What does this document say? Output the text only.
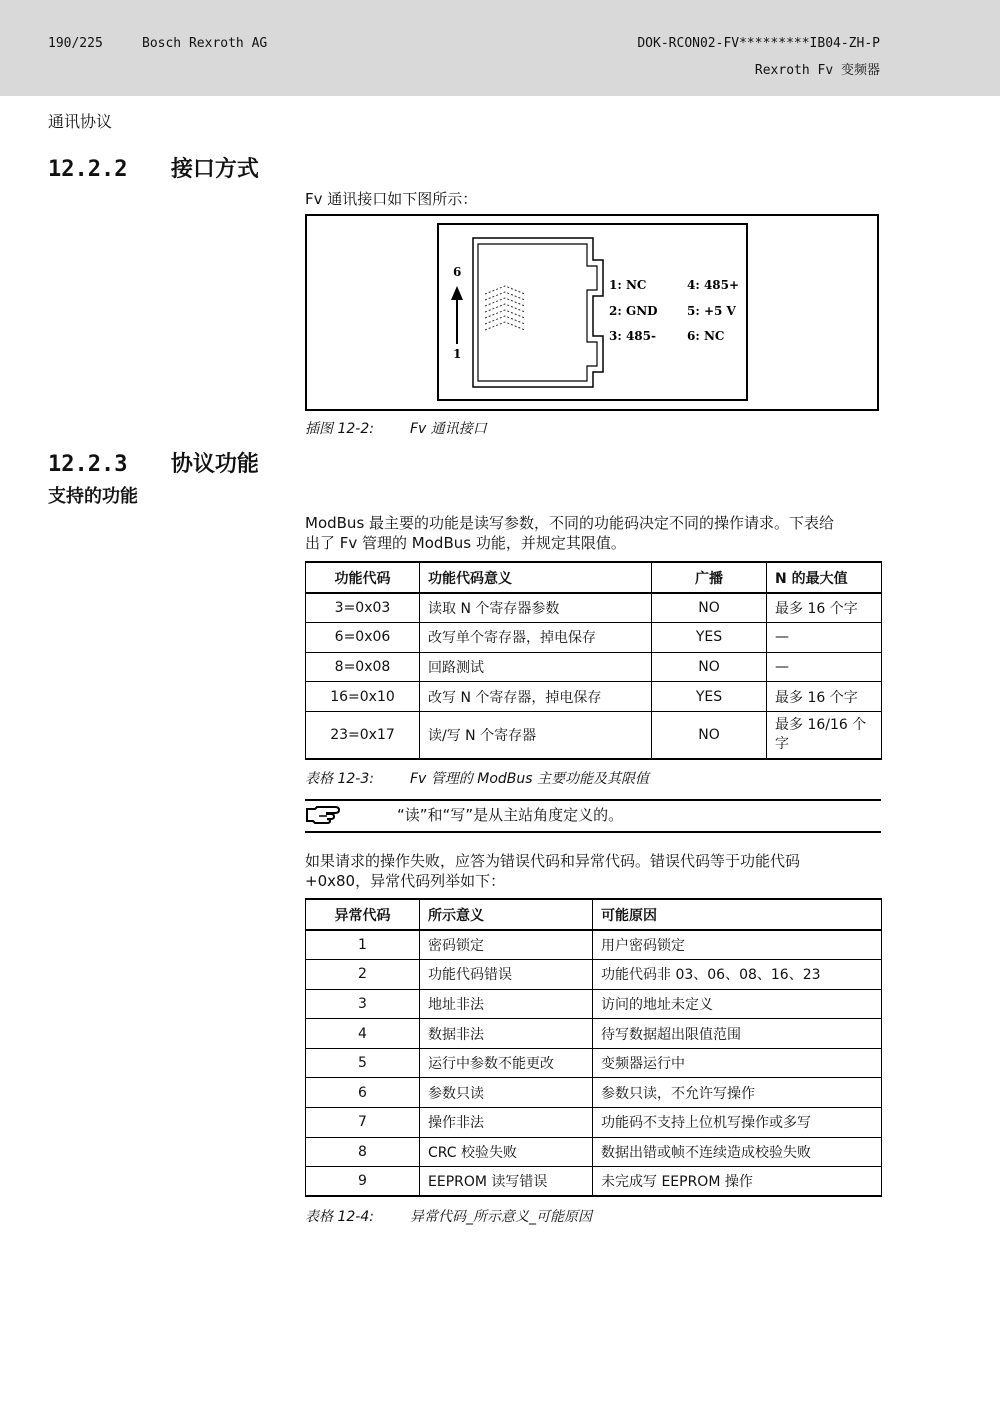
190/225	Bosch Rexroth AG	DOK-RCON02-FV*********IB04-ZH-P
Rexroth Fv 变频器
通讯协议
12.2.2 接口方式
Fv 通讯接口如下图所示：
6
1
1: NC
2: GND
3: 485-
4: 485+
5: +5 V
6: NC
插图 12-2:	Fv 通讯接口
12.2.3 协议功能
支持的功能
ModBus 最主要的功能是读写参数，不同的功能码决定不同的操作请求。下表给
出了 Fv 管理的 ModBus 功能，并规定其限值。
功能代码	功能代码意义	广播	N 的最大值
3=0x03	读取 N 个寄存器参数	NO	最多 16 个字
6=0x06	改写单个寄存器，掉电保存	YES	—
8=0x08	回路测试	NO	—
16=0x10	改写 N 个寄存器，掉电保存	YES	最多 16 个字
23=0x17	读/写 N 个寄存器	NO	最多 16/16 个字
表格 12-3:	Fv 管理的 ModBus 主要功能及其限值
“读”和“写”是从主站角度定义的。
如果请求的操作失败，应答为错误代码和异常代码。错误代码等于功能代码
+0x80，异常代码列举如下：
异常代码	所示意义	可能原因
1	密码锁定	用户密码锁定
2	功能代码错误	功能代码非 03、06、08、16、23
3	地址非法	访问的地址未定义
4	数据非法	待写数据超出限值范围
5	运行中参数不能更改	变频器运行中
6	参数只读	参数只读，不允许写操作
7	操作非法	功能码不支持上位机写操作或多写
8	CRC 校验失败	数据出错或帧不连续造成校验失败
9	EEPROM 读写错误	未完成写 EEPROM 操作
表格 12-4:	异常代码_所示意义_可能原因
